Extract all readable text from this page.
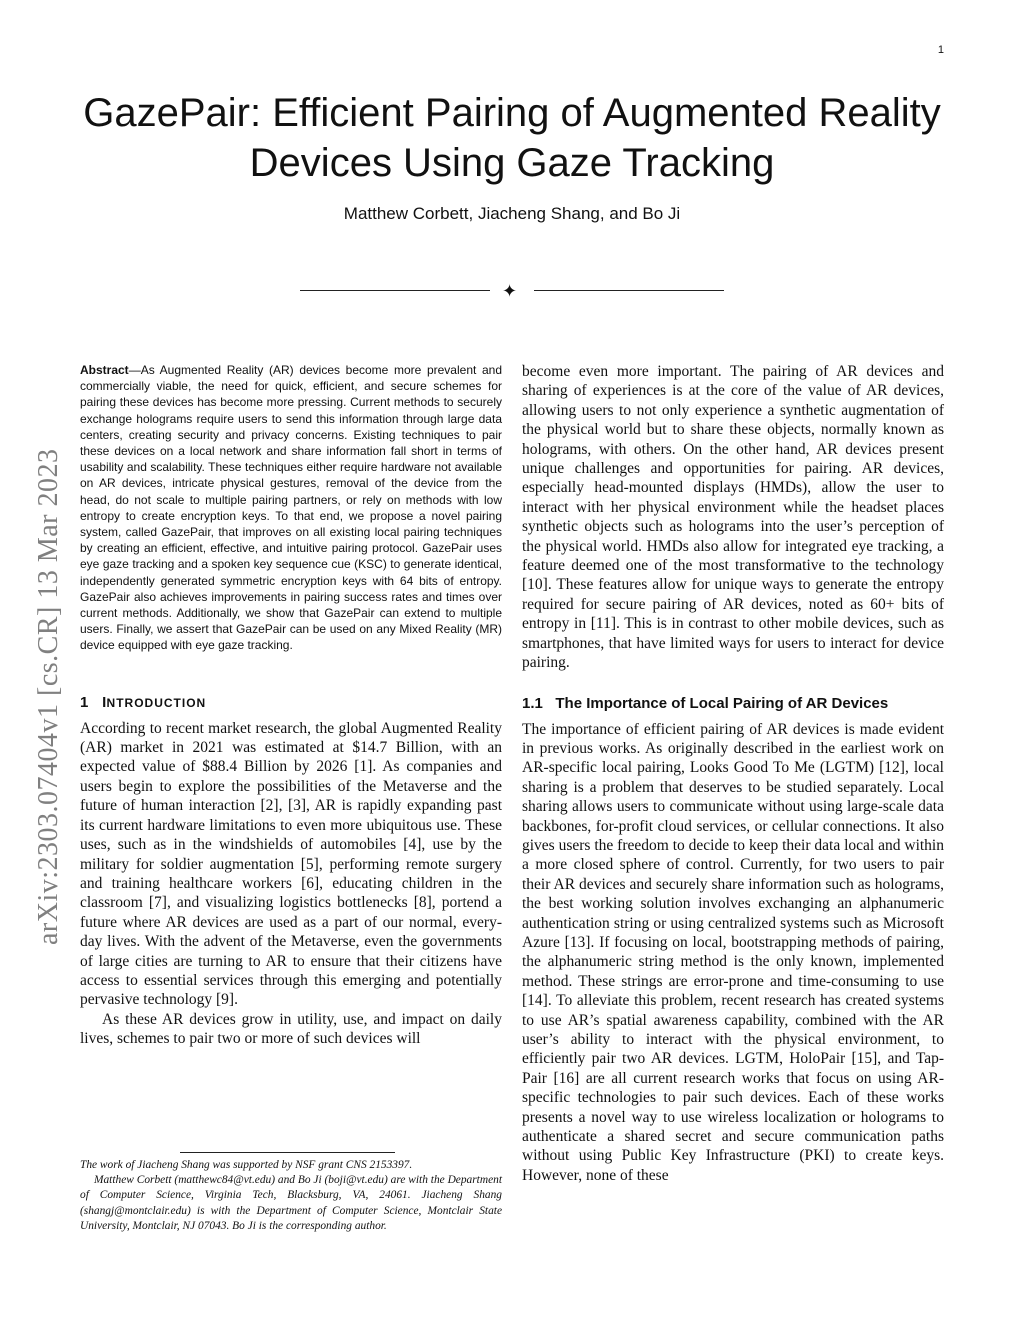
1
arXiv:2303.07404v1 [cs.CR] 13 Mar 2023
GazePair: Efficient Pairing of Augmented Reality Devices Using Gaze Tracking
Matthew Corbett, Jiacheng Shang, and Bo Ji
✦

Abstract—As Augmented Reality (AR) devices become more prevalent and commercially viable, the need for quick, efficient, and secure schemes for pairing these devices has become more pressing. Current methods to securely exchange holograms require users to send this information through large data centers, creating security and privacy concerns. Existing techniques to pair these devices on a local network and share information fall short in terms of usability and scalability. These techniques either require hardware not available on AR devices, intricate physical gestures, removal of the device from the head, do not scale to multiple pairing partners, or rely on methods with low entropy to create encryption keys. To that end, we propose a novel pairing system, called GazePair, that improves on all existing local pairing techniques by creating an efficient, effective, and intuitive pairing protocol. GazePair uses eye gaze tracking and a spoken key sequence cue (KSC) to generate identical, independently generated symmetric encryption keys with 64 bits of entropy. GazePair also achieves improvements in pairing success rates and times over current methods. Additionally, we show that GazePair can extend to multiple users. Finally, we assert that GazePair can be used on any Mixed Reality (MR) device equipped with eye gaze tracking.

1 INTRODUCTION

According to recent market research, the global Augmented Reality (AR) market in 2021 was estimated at $14.7 Billion, with an expected value of $88.4 Billion by 2026 [1]. As companies and users begin to explore the possibilities of the Metaverse and the future of human interaction [2], [3], AR is rapidly expanding past its current hardware limitations to even more ubiquitous use. These uses, such as in the windshields of automobiles [4], use by the military for soldier augmentation [5], performing remote surgery and training healthcare workers [6], educating children in the classroom [7], and visualizing logistics bottlenecks [8], portend a future where AR devices are used as a part of our normal, every-day lives. With the advent of the Metaverse, even the governments of large cities are turning to AR to ensure that their citizens have access to essential services through this emerging and potentially pervasive technology [9].

As these AR devices grow in utility, use, and impact on daily lives, schemes to pair two or more of such devices will

The work of Jiacheng Shang was supported by NSF grant CNS 2153397.

Matthew Corbett (matthewc84@vt.edu) and Bo Ji (boji@vt.edu) are with the Department of Computer Science, Virginia Tech, Blacksburg, VA, 24061. Jiacheng Shang (shangj@montclair.edu) is with the Department of Computer Science, Montclair State University, Montclair, NJ 07043. Bo Ji is the corresponding author.

become even more important. The pairing of AR devices and sharing of experiences is at the core of the value of AR devices, allowing users to not only experience a synthetic augmentation of the physical world but to share these objects, normally known as holograms, with others. On the other hand, AR devices present unique challenges and opportunities for pairing. AR devices, especially head-mounted displays (HMDs), allow the user to interact with her physical environment while the headset places synthetic objects such as holograms into the user’s perception of the physical world. HMDs also allow for integrated eye tracking, a feature deemed one of the most transformative to the technology [10]. These features allow for unique ways to generate the entropy required for secure pairing of AR devices, noted as 60+ bits of entropy in [11]. This is in contrast to other mobile devices, such as smartphones, that have limited ways for users to interact for device pairing.

1.1 The Importance of Local Pairing of AR Devices

The importance of efficient pairing of AR devices is made evident in previous works. As originally described in the earliest work on AR-specific local pairing, Looks Good To Me (LGTM) [12], local sharing is a problem that deserves to be studied separately. Local sharing allows users to communicate without using large-scale data backbones, for-profit cloud services, or cellular connections. It also gives users the freedom to decide to keep their data local and within a more closed sphere of control. Currently, for two users to pair their AR devices and securely share information such as holograms, the best working solution involves exchanging an alphanumeric authentication string or using centralized systems such as Microsoft Azure [13]. If focusing on local, bootstrapping methods of pairing, the alphanumeric string method is the only known, implemented method. These strings are error-prone and time-consuming to use [14]. To alleviate this problem, recent research has created systems to use AR’s spatial awareness capability, combined with the AR user’s ability to interact with the physical environment, to efficiently pair two AR devices. LGTM, HoloPair [15], and Tap-Pair [16] are all current research works that focus on using AR-specific technologies to pair such devices. Each of these works presents a novel way to use wireless localization or holograms to authenticate a shared secret and secure communication paths without using Public Key Infrastructure (PKI) to create keys. However, none of these
